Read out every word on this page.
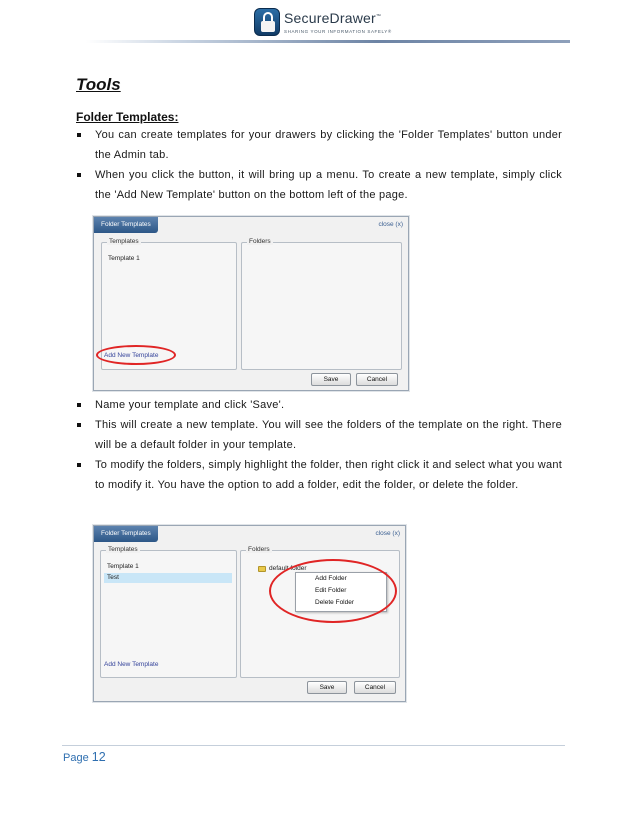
SecureDrawer™
SHARING YOUR INFORMATION SAFELY®
Tools
Folder Templates:
You can create templates for your drawers by clicking the 'Folder Templates' button under the Admin tab.
When you click the button, it will bring up a menu. To create a new template, simply click the 'Add New Template' button on the bottom left of the page.
Folder Templates	close (x)
Templates
Template 1
Folders
Add New Template
Save	Cancel
Name your template and click 'Save'.
This will create a new template. You will see the folders of the template on the right. There will be a default folder in your template.
To modify the folders, simply highlight the folder, then right click it and select what you want to modify it. You have the option to add a folder, edit the folder, or delete the folder.
Folder Templates	close (x)
Templates
Template 1
Test
Folders
default folder
Add Folder
Edit Folder
Delete Folder
Add New Template
Save	Cancel
Page 12
